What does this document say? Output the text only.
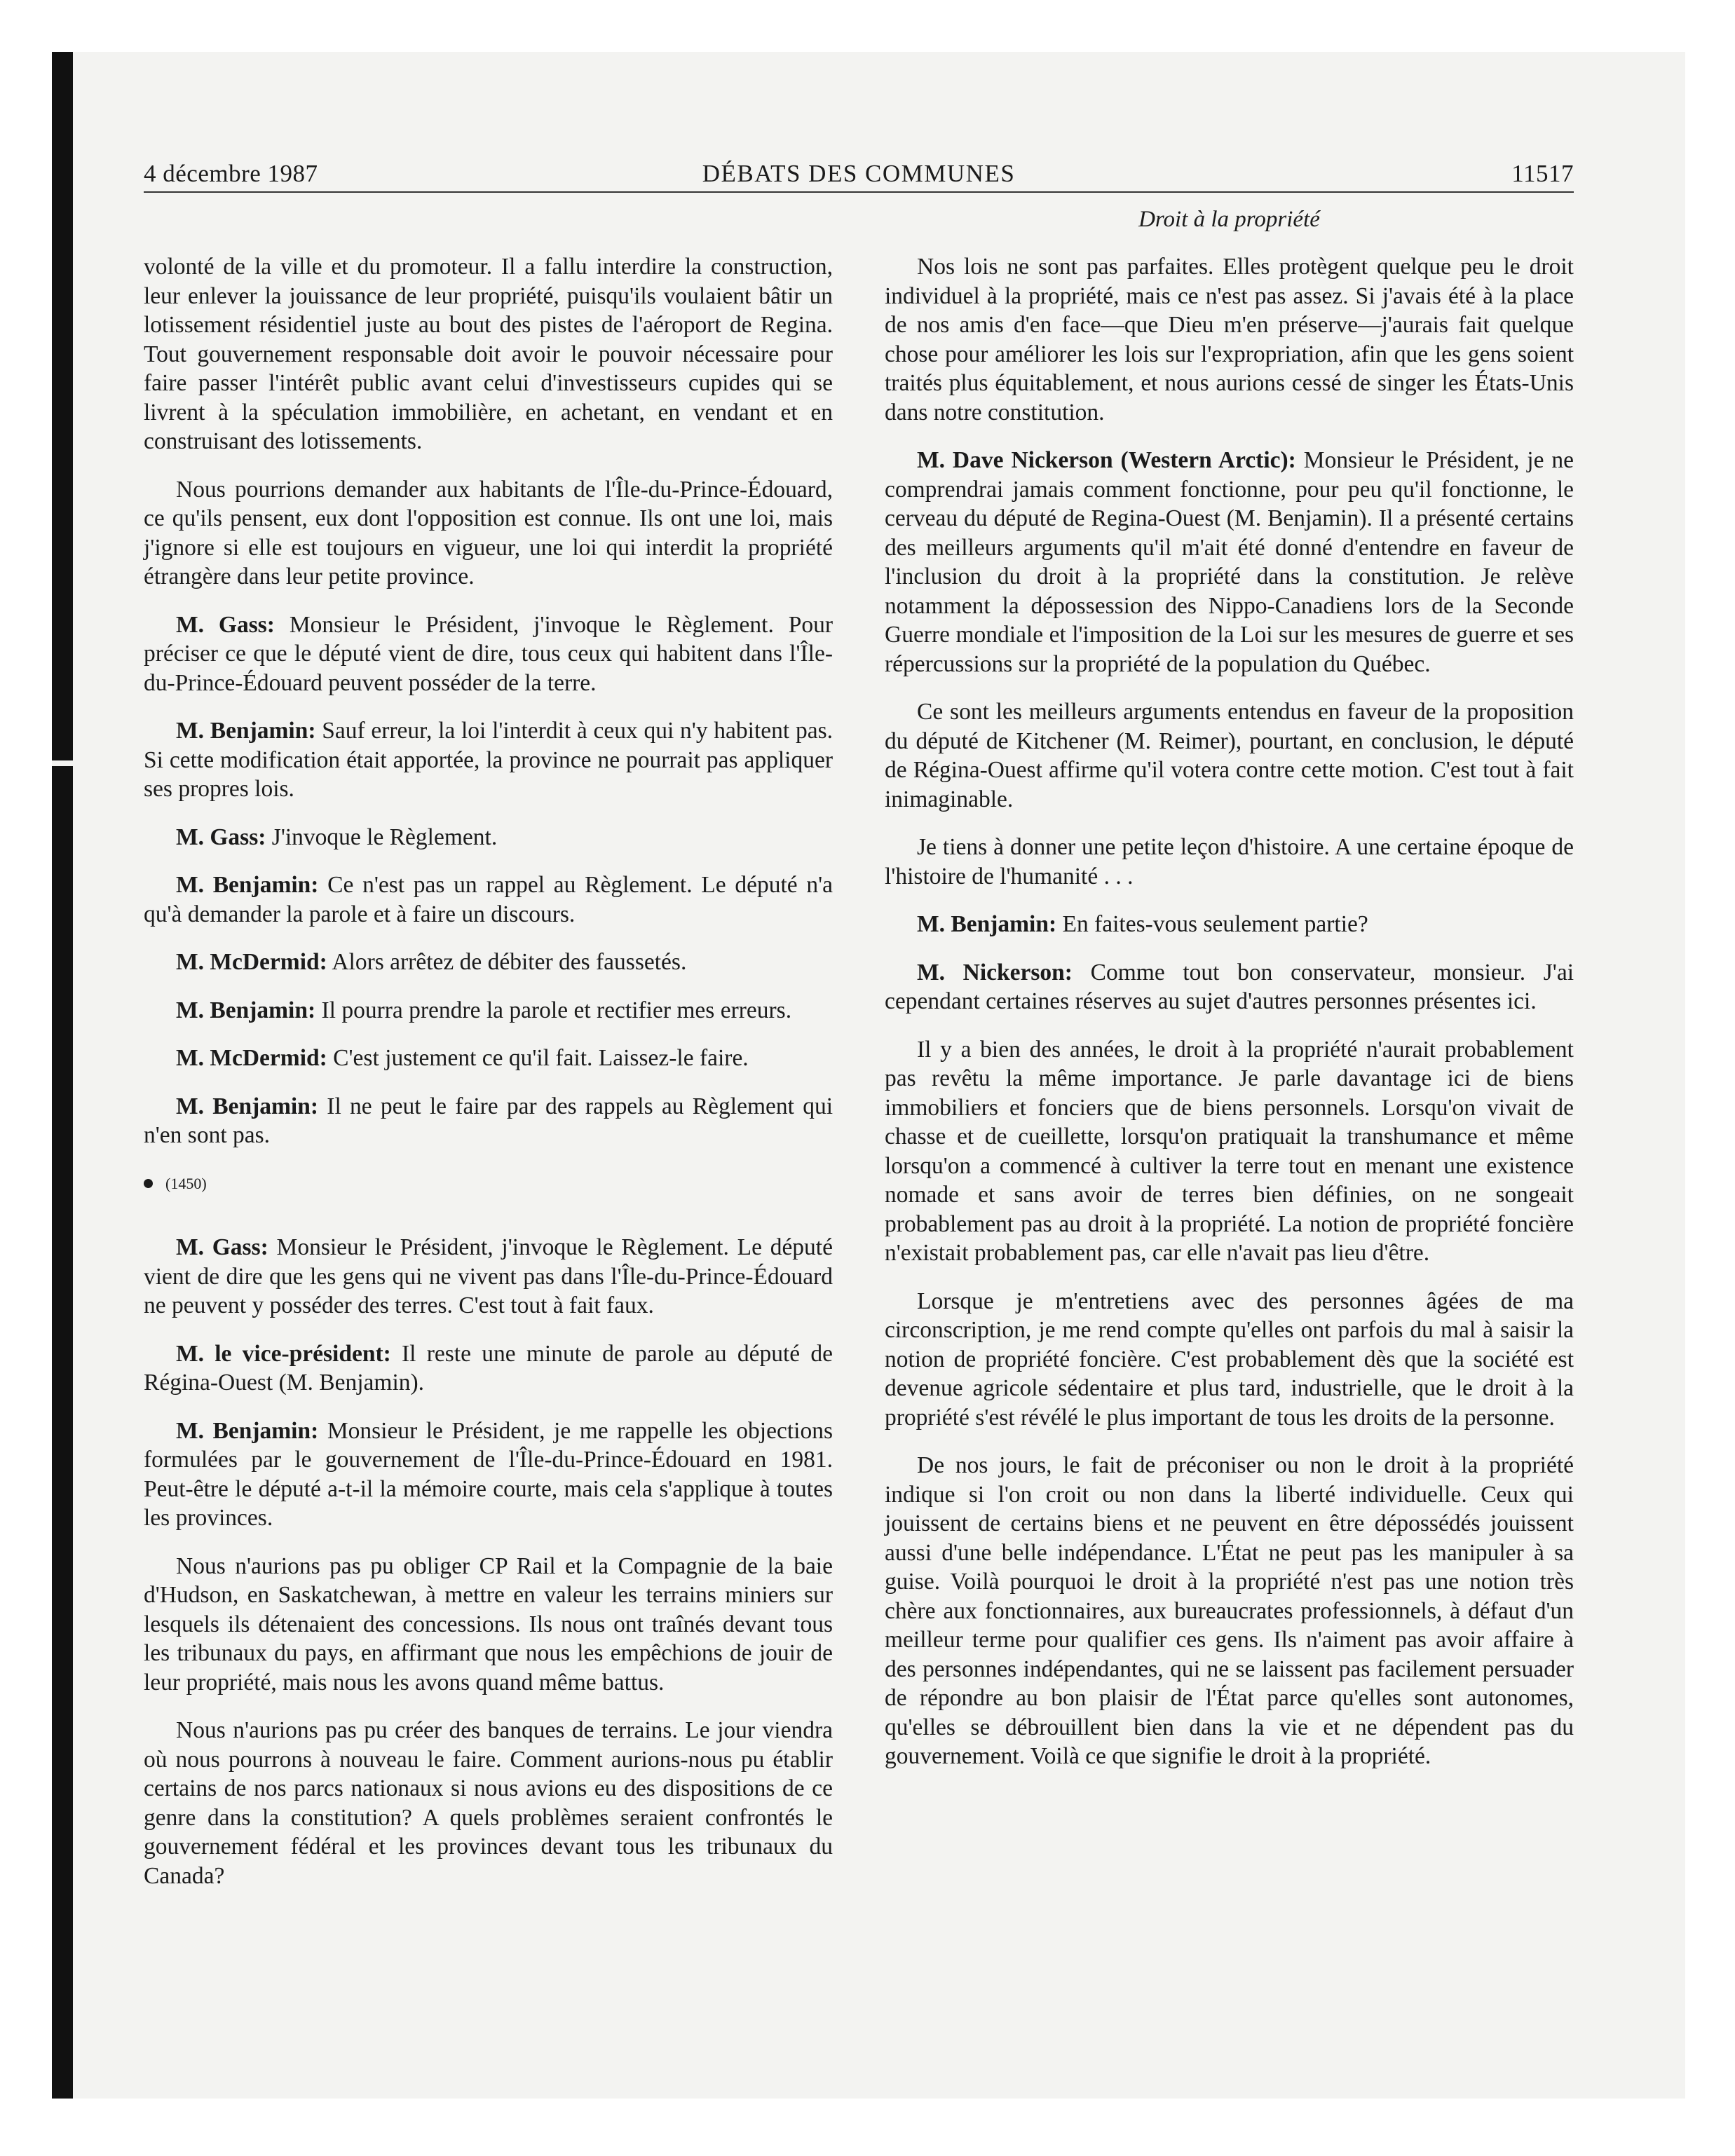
4 décembre 1987	DÉBATS DES COMMUNES	11517
Droit à la propriété

volonté de la ville et du promoteur. Il a fallu interdire la construction, leur enlever la jouissance de leur propriété, puisqu'ils voulaient bâtir un lotissement résidentiel juste au bout des pistes de l'aéroport de Regina. Tout gouvernement responsable doit avoir le pouvoir nécessaire pour faire passer l'intérêt public avant celui d'investisseurs cupides qui se livrent à la spéculation immobilière, en achetant, en vendant et en construisant des lotissements.

Nous pourrions demander aux habitants de l'Île-du-Prince-Édouard, ce qu'ils pensent, eux dont l'opposition est connue. Ils ont une loi, mais j'ignore si elle est toujours en vigueur, une loi qui interdit la propriété étrangère dans leur petite province.

M. Gass: Monsieur le Président, j'invoque le Règlement. Pour préciser ce que le député vient de dire, tous ceux qui habitent dans l'Île-du-Prince-Édouard peuvent posséder de la terre.

M. Benjamin: Sauf erreur, la loi l'interdit à ceux qui n'y habitent pas. Si cette modification était apportée, la province ne pourrait pas appliquer ses propres lois.

M. Gass: J'invoque le Règlement.

M. Benjamin: Ce n'est pas un rappel au Règlement. Le député n'a qu'à demander la parole et à faire un discours.

M. McDermid: Alors arrêtez de débiter des faussetés.

M. Benjamin: Il pourra prendre la parole et rectifier mes erreurs.

M. McDermid: C'est justement ce qu'il fait. Laissez-le faire.

M. Benjamin: Il ne peut le faire par des rappels au Règlement qui n'en sont pas.

(1450)

M. Gass: Monsieur le Président, j'invoque le Règlement. Le député vient de dire que les gens qui ne vivent pas dans l'Île-du-Prince-Édouard ne peuvent y posséder des terres. C'est tout à fait faux.

M. le vice-président: Il reste une minute de parole au député de Régina-Ouest (M. Benjamin).

M. Benjamin: Monsieur le Président, je me rappelle les objections formulées par le gouvernement de l'Île-du-Prince-Édouard en 1981. Peut-être le député a-t-il la mémoire courte, mais cela s'applique à toutes les provinces.

Nous n'aurions pas pu obliger CP Rail et la Compagnie de la baie d'Hudson, en Saskatchewan, à mettre en valeur les terrains miniers sur lesquels ils détenaient des concessions. Ils nous ont traînés devant tous les tribunaux du pays, en affirmant que nous les empêchions de jouir de leur propriété, mais nous les avons quand même battus.

Nous n'aurions pas pu créer des banques de terrains. Le jour viendra où nous pourrons à nouveau le faire. Comment aurions-nous pu établir certains de nos parcs nationaux si nous avions eu des dispositions de ce genre dans la constitution? A quels problèmes seraient confrontés le gouvernement fédéral et les provinces devant tous les tribunaux du Canada?

Nos lois ne sont pas parfaites. Elles protègent quelque peu le droit individuel à la propriété, mais ce n'est pas assez. Si j'avais été à la place de nos amis d'en face—que Dieu m'en préserve—j'aurais fait quelque chose pour améliorer les lois sur l'expropriation, afin que les gens soient traités plus équitablement, et nous aurions cessé de singer les États-Unis dans notre constitution.

M. Dave Nickerson (Western Arctic): Monsieur le Président, je ne comprendrai jamais comment fonctionne, pour peu qu'il fonctionne, le cerveau du député de Regina-Ouest (M. Benjamin). Il a présenté certains des meilleurs arguments qu'il m'ait été donné d'entendre en faveur de l'inclusion du droit à la propriété dans la constitution. Je relève notamment la dépossession des Nippo-Canadiens lors de la Seconde Guerre mondiale et l'imposition de la Loi sur les mesures de guerre et ses répercussions sur la propriété de la population du Québec.

Ce sont les meilleurs arguments entendus en faveur de la proposition du député de Kitchener (M. Reimer), pourtant, en conclusion, le député de Régina-Ouest affirme qu'il votera contre cette motion. C'est tout à fait inimaginable.

Je tiens à donner une petite leçon d'histoire. A une certaine époque de l'histoire de l'humanité . . .

M. Benjamin: En faites-vous seulement partie?

M. Nickerson: Comme tout bon conservateur, monsieur. J'ai cependant certaines réserves au sujet d'autres personnes présentes ici.

Il y a bien des années, le droit à la propriété n'aurait probablement pas revêtu la même importance. Je parle davantage ici de biens immobiliers et fonciers que de biens personnels. Lorsqu'on vivait de chasse et de cueillette, lorsqu'on pratiquait la transhumance et même lorsqu'on a commencé à cultiver la terre tout en menant une existence nomade et sans avoir de terres bien définies, on ne songeait probablement pas au droit à la propriété. La notion de propriété foncière n'existait probablement pas, car elle n'avait pas lieu d'être.

Lorsque je m'entretiens avec des personnes âgées de ma circonscription, je me rend compte qu'elles ont parfois du mal à saisir la notion de propriété foncière. C'est probablement dès que la société est devenue agricole sédentaire et plus tard, industrielle, que le droit à la propriété s'est révélé le plus important de tous les droits de la personne.

De nos jours, le fait de préconiser ou non le droit à la propriété indique si l'on croit ou non dans la liberté individuelle. Ceux qui jouissent de certains biens et ne peuvent en être dépossédés jouissent aussi d'une belle indépendance. L'État ne peut pas les manipuler à sa guise. Voilà pourquoi le droit à la propriété n'est pas une notion très chère aux fonctionnaires, aux bureaucrates professionnels, à défaut d'un meilleur terme pour qualifier ces gens. Ils n'aiment pas avoir affaire à des personnes indépendantes, qui ne se laissent pas facilement persuader de répondre au bon plaisir de l'État parce qu'elles sont autonomes, qu'elles se débrouillent bien dans la vie et ne dépendent pas du gouvernement. Voilà ce que signifie le droit à la propriété.
